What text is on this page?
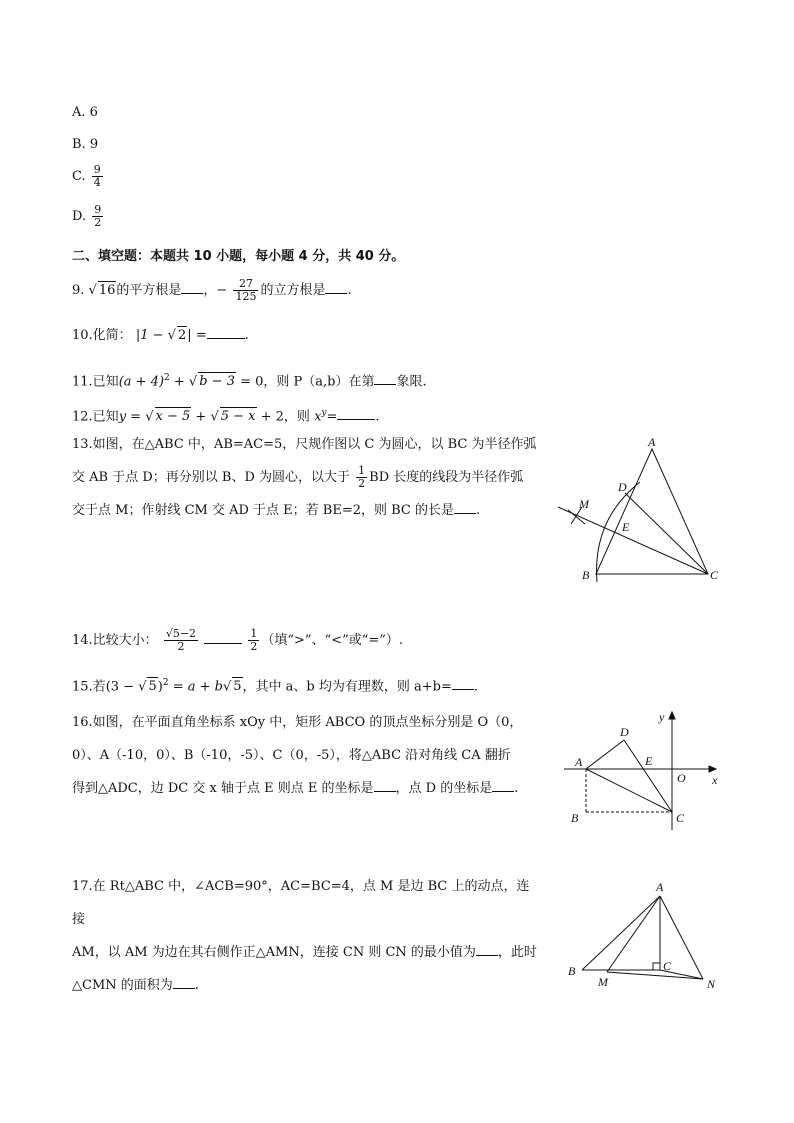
A. 6
B. 9
C. $\frac{9}{4}$
D. $\frac{9}{2}$
二、填空题：本题共 10 小题，每小题 4 分，共 40 分。
9. √ 16的平方根是 ，− $\frac{27}{125}$ 的立方根是 .
10.化简： |1 − √ 2| =	.
11.已知$(a + 4)^2$ + √ b − 3 = 0，则 P（a,b）在第 象限.
12.已知y = √ x − 5 + √ 5 − x + 2，则 $x^y=$	.
13.如图，在△ABC 中，AB=AC=5，尺规作图以 C 为圆心，以 BC 为半径作弧
交 AB 于点 D；再分别以 B、D 为圆心，以大于 $\frac{1}{2}$ BD 长度的线段为半径作弧
交于点 M；作射线 CM 交 AD 于点 E；若 BE=2，则 BC 的长是 .
A
D
E
M
B	C
14.比较大小： $\frac{√5-2}{2}$
	$\frac{1}{2}$ （填“>”、“<”或“=”）.
15.若(3 − √ 5)$^2$ = a + b√ 5，其中 a、b 均为有理数，则 a+b= .
16.如图，在平面直角坐标系 xOy 中，矩形 ABCO 的顶点坐标分别是 O（0，
0）、A（-10，0）、B（-10，-5）、C（0，-5），将△ABC 沿对角线 CA 翻折
得到△ADC，边 DC 交 x 轴于点 E 则点 E 的坐标是 ，点 D 的坐标是 .
A
D
E
O x
y
B	C
17.在 Rt△ABC 中，∠ACB=90°，AC=BC=4，点 M 是边 BC 上的动点，连接
AM，以 AM 为边在其右侧作正△AMN，连接 CN 则 CN 的最小值为 ，此时
△CMN 的面积为 .
A
B	C
M	N
